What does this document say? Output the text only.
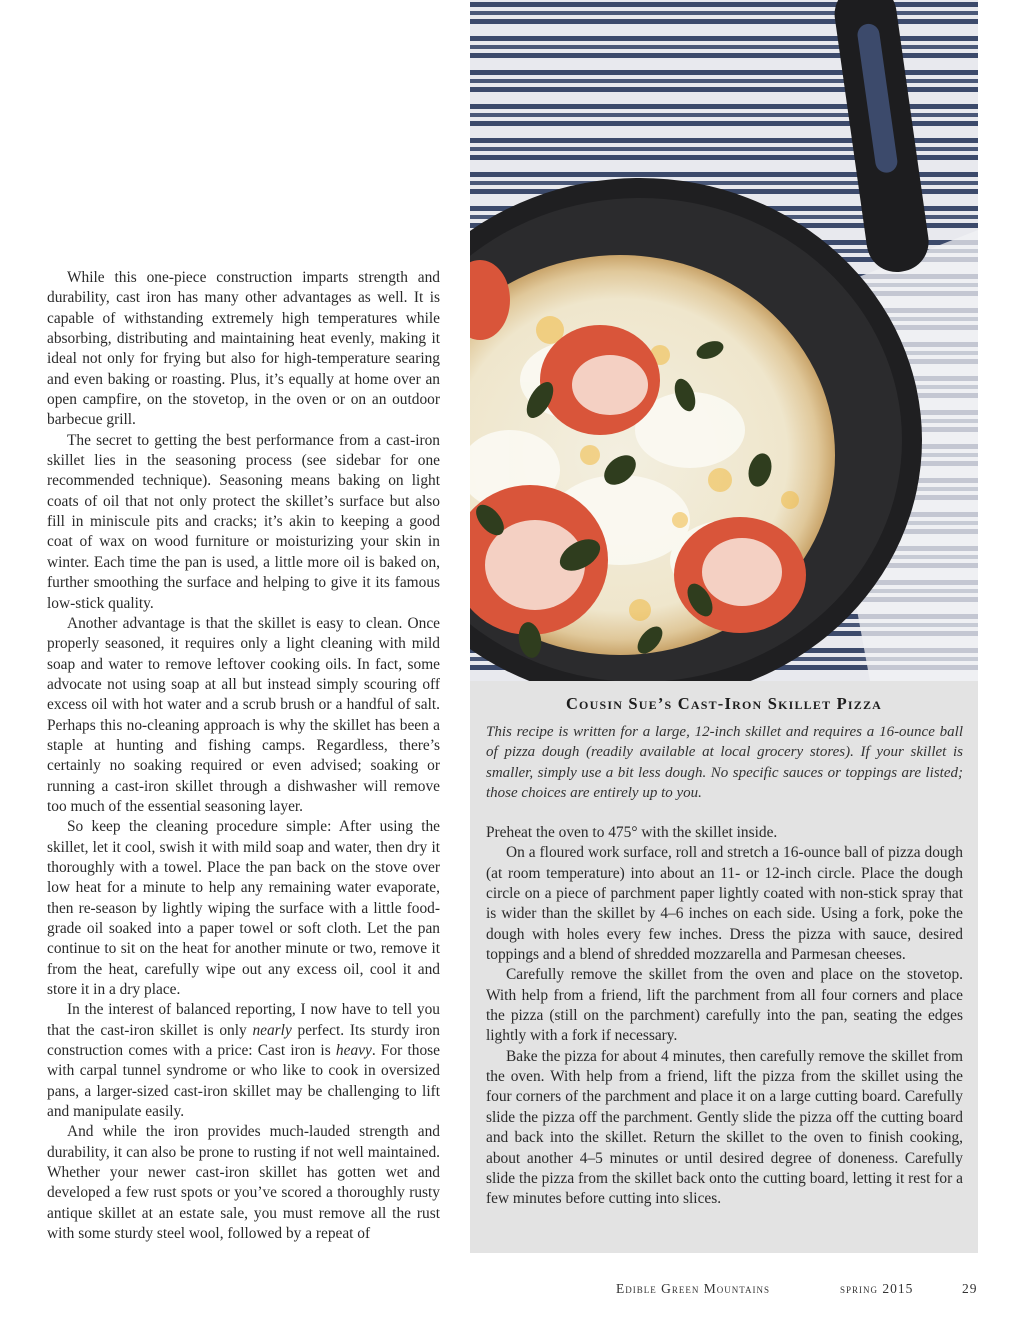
While this one-piece construction imparts strength and durability, cast iron has many other advantages as well. It is capable of withstanding extremely high temperatures while absorbing, distributing and maintaining heat evenly, making it ideal not only for frying but also for high-temperature searing and even baking or roasting. Plus, it’s equally at home over an open campfire, on the stovetop, in the oven or on an outdoor barbecue grill.

The secret to getting the best performance from a cast-iron skillet lies in the seasoning process (see sidebar for one recommended technique). Seasoning means baking on light coats of oil that not only protect the skillet’s surface but also fill in miniscule pits and cracks; it’s akin to keeping a good coat of wax on wood furniture or moisturizing your skin in winter. Each time the pan is used, a little more oil is baked on, further smoothing the surface and helping to give it its famous low-stick quality.

Another advantage is that the skillet is easy to clean. Once properly seasoned, it requires only a light cleaning with mild soap and water to remove leftover cooking oils. In fact, some advocate not using soap at all but instead simply scouring off excess oil with hot water and a scrub brush or a handful of salt. Perhaps this no-cleaning approach is why the skillet has been a staple at hunting and fishing camps. Regardless, there’s certainly no soaking required or even advised; soaking or running a cast-iron skillet through a dishwasher will remove too much of the essential seasoning layer.

So keep the cleaning procedure simple: After using the skillet, let it cool, swish it with mild soap and water, then dry it thoroughly with a towel. Place the pan back on the stove over low heat for a minute to help any remaining water evaporate, then re-season by lightly wiping the surface with a little food-grade oil soaked into a paper towel or soft cloth. Let the pan continue to sit on the heat for another minute or two, remove it from the heat, carefully wipe out any excess oil, cool it and store it in a dry place.

In the interest of balanced reporting, I now have to tell you that the cast-iron skillet is only nearly perfect. Its sturdy iron construction comes with a price: Cast iron is heavy. For those with carpal tunnel syndrome or who like to cook in oversized pans, a larger-sized cast-iron skillet may be challenging to lift and manipulate easily.

And while the iron provides much-lauded strength and durability, it can also be prone to rusting if not well maintained. Whether your newer cast-iron skillet has gotten wet and developed a few rust spots or you’ve scored a thoroughly rusty antique skillet at an estate sale, you must remove all the rust with some sturdy steel wool, followed by a repeat of

Cousin Sue’s Cast-Iron Skillet Pizza
This recipe is written for a large, 12-inch skillet and requires a 16-ounce ball of pizza dough (readily available at local grocery stores). If your skillet is smaller, simply use a bit less dough. No specific sauces or toppings are listed; those choices are entirely up to you.

Preheat the oven to 475° with the skillet inside.

On a floured work surface, roll and stretch a 16-ounce ball of pizza dough (at room temperature) into about an 11- or 12-inch circle. Place the dough circle on a piece of parchment paper lightly coated with non-stick spray that is wider than the skillet by 4–6 inches on each side. Using a fork, poke the dough with holes every few inches. Dress the pizza with sauce, desired toppings and a blend of shredded mozzarella and Parmesan cheeses.

Carefully remove the skillet from the oven and place on the stovetop. With help from a friend, lift the parchment from all four corners and place the pizza (still on the parchment) carefully into the pan, seating the edges lightly with a fork if necessary.

Bake the pizza for about 4 minutes, then carefully remove the skillet from the oven. With help from a friend, lift the pizza from the skillet using the four corners of the parchment and place it on a large cutting board. Carefully slide the pizza off the parchment. Gently slide the pizza off the cutting board and back into the skillet. Return the skillet to the oven to finish cooking, about another 4–5 minutes or until desired degree of doneness. Carefully slide the pizza from the skillet back onto the cutting board, letting it rest for a few minutes before cutting into slices.

Edible Green Mountains	spring 2015	29
